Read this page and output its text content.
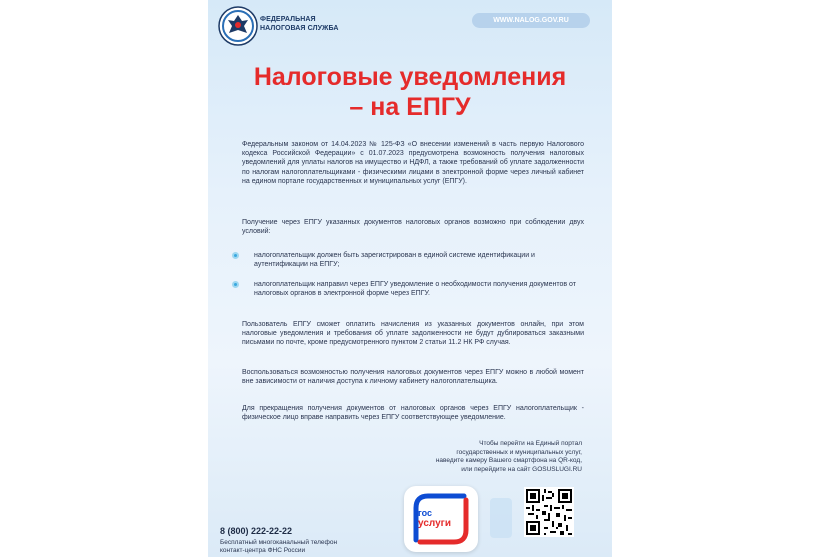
ФЕДЕРАЛЬНАЯ
НАЛОГОВАЯ СЛУЖБА
WWW.NALOG.GOV.RU
Налоговые уведомления
– на ЕПГУ

Федеральным законом от 14.04.2023 № 125-ФЗ «О внесении изменений в часть первую Налогового кодекса Российской Федерации» с 01.07.2023 предусмотрена возможность получения налоговых уведомлений для уплаты налогов на имущество и НДФЛ, а также требований об уплате задолженности по налогам налогоплательщиками - физическими лицами в электронной форме через личный кабинет на едином портале государственных и муниципальных услуг (ЕПГУ).

Получение через ЕПГУ указанных документов налоговых органов возможно при соблюдении двух условий:

налогоплательщик должен быть зарегистрирован в единой системе идентификации и аутентификации на ЕПГУ;
налогоплательщик направил через ЕПГУ уведомление о необходимости получения документов от налоговых органов в электронной форме через ЕПГУ.

Пользователь ЕПГУ сможет оплатить начисления из указанных документов онлайн, при этом налоговые уведомления и требования об уплате задолженности не будут дублироваться заказными письмами по почте, кроме предусмотренного пунктом 2 статьи 11.2 НК РФ случая.

Воспользоваться возможностью получения налоговых документов через ЕПГУ можно в любой момент вне зависимости от наличия доступа к личному кабинету налогоплательщика.

Для прекращения получения документов от налоговых органов через ЕПГУ налогоплательщик - физическое лицо вправе направить через ЕПГУ соответствующее уведомление.

Чтобы перейти на Единый портал
государственных и муниципальных услуг,
наведите камеру Вашего смартфона на QR-код,
или перейдите на сайт GOSUSLUGI.RU
8 (800) 222-22-22
Бесплатный многоканальный телефон
контакт-центра ФНС России
гос
услуги
